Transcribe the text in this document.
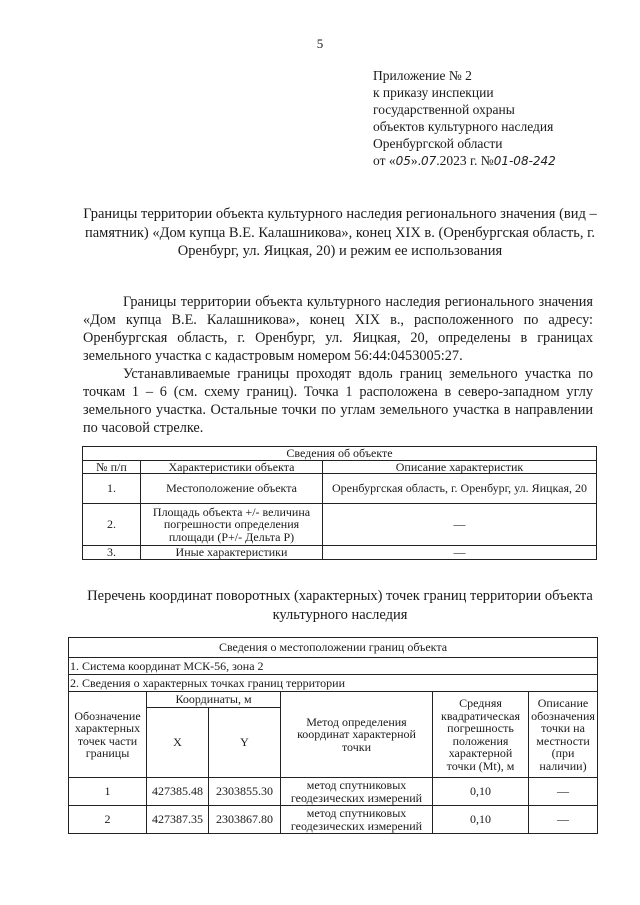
5
Приложение № 2
к приказу инспекции
государственной охраны
объектов культурного наследия
Оренбургской области
от «05».07.2023 г. №01-08-242
Границы территории объекта культурного наследия регионального значения (вид – памятник) «Дом купца В.Е. Калашникова», конец XIX в. (Оренбургская область, г. Оренбург, ул. Яицкая, 20) и режим ее использования
Границы территории объекта культурного наследия регионального значения «Дом купца В.Е. Калашникова», конец XIX в., расположенного по адресу: Оренбургская область, г. Оренбург, ул. Яицкая, 20, определены в границах земельного участка с кадастровым номером 56:44:0453005:27.
Устанавливаемые границы проходят вдоль границ земельного участка по точкам 1 – 6 (см. схему границ). Точка 1 расположена в северо-западном углу земельного участка. Остальные точки по углам земельного участка в направлении по часовой стрелке.
Сведения об объекте		
№ п/п	Характеристики объекта	Описание характеристик
1.	Местоположение объекта	Оренбургская область, г. Оренбург, ул. Яицкая, 20
2.	Площадь объекта +/- величина погрешности определения площади (P+/- Дельта P)	—
3.	Иные характеристики	—
Перечень координат поворотных (характерных) точек границ территории объекта культурного наследия
Сведения о местоположении границ объекта					
1. Система координат МСК-56, зона 2					
2. Сведения о характерных точках границ территории					
Обозначение характерных точек части границы	Координаты, м		Метод определения координат характерной точки	Средняя квадратическая погрешность положения характерной точки (Mt), м	Описание обозначения точки на местности (при наличии)
	X	Y			
1	427385.48	2303855.30	метод спутниковых геодезических измерений	0,10	—
2	427387.35	2303867.80	метод спутниковых геодезических измерений	0,10	—
